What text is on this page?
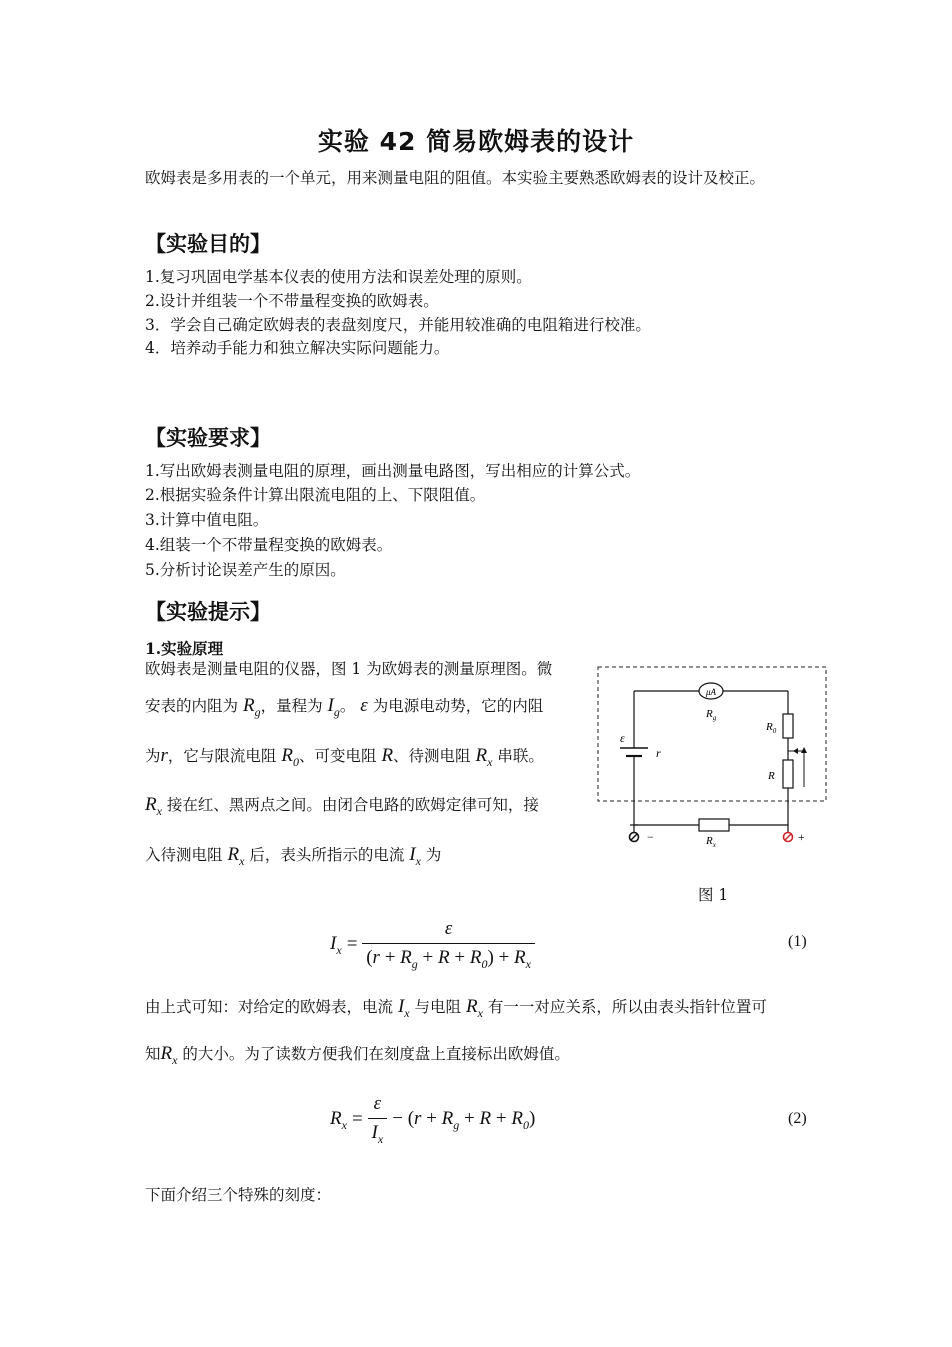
实验 42 简易欧姆表的设计
欧姆表是多用表的一个单元，用来测量电阻的阻值。本实验主要熟悉欧姆表的设计及校正。
【实验目的】
1.复习巩固电学基本仪表的使用方法和误差处理的原则。
2.设计并组装一个不带量程变换的欧姆表。
3．学会自己确定欧姆表的表盘刻度尺，并能用较准确的电阻箱进行校准。
4．培养动手能力和独立解决实际问题能力。
【实验要求】
1.写出欧姆表测量电阻的原理，画出测量电路图，写出相应的计算公式。
2.根据实验条件计算出限流电阻的上、下限阻值。
3.计算中值电阻。
4.组装一个不带量程变换的欧姆表。
5.分析讨论误差产生的原因。
【实验提示】
1.实验原理
欧姆表是测量电阻的仪器，图 1 为欧姆表的测量原理图。微
安表的内阻为 $R_g$，量程为 $I_g$。 ε 为电源电动势，它的内阻
为r，它与限流电阻 $R_0$、可变电阻 R、待测电阻 $R_x$ 串联。
$R_x$ 接在红、黑两点之间。由闭合电路的欧姆定律可知，接
入待测电阻 $R_x$ 后，表头所指示的电流 $I_x$ 为
μA
$R_g$
ε
r
$R_0$
R
$R_x$
−	+
图 1
$I_x = \frac{\varepsilon}{(r + R_g + R + R_0) + R_x}$	(1)
由上式可知：对给定的欧姆表，电流 $I_x$ 与电阻 $R_x$ 有一一对应关系，所以由表头指针位置可
知$R_x$ 的大小。为了读数方便我们在刻度盘上直接标出欧姆值。
$R_x = \frac{\varepsilon}{I_x} - (r + R_g + R + R_0)$	(2)
下面介绍三个特殊的刻度：
